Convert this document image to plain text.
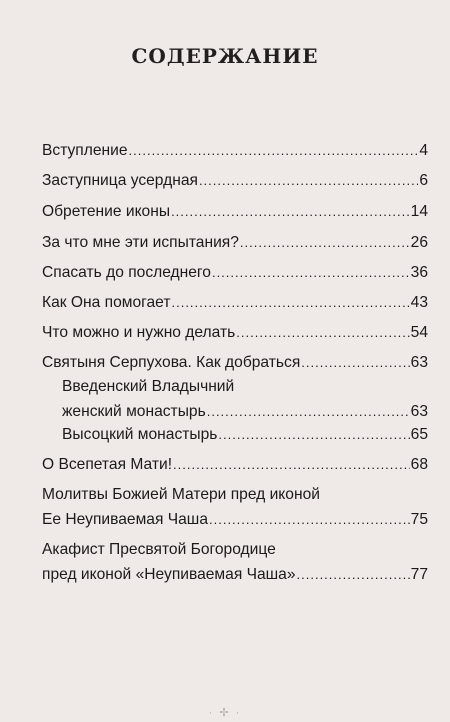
СОДЕРЖАНИЕ
Вступление .....	4
Заступница усердная .....	6
Обретение иконы .....	14
За что мне эти испытания? .....	26
Спасать до последнего .....	36
Как Она помогает .....	43
Что можно и нужно делать .....	54
Святыня Серпухова. Как добраться .....	63
Введенский Владычний
женский монастырь .....	63
Высоцкий монастырь .....	65
О Всепетая Мати! .....	68
Молитвы Божией Матери пред иконой
Ее Неупиваемая Чаша .....	75
Акафист Пресвятой Богородице
пред иконой «Неупиваемая Чаша» .....	77
· ✢ ·
